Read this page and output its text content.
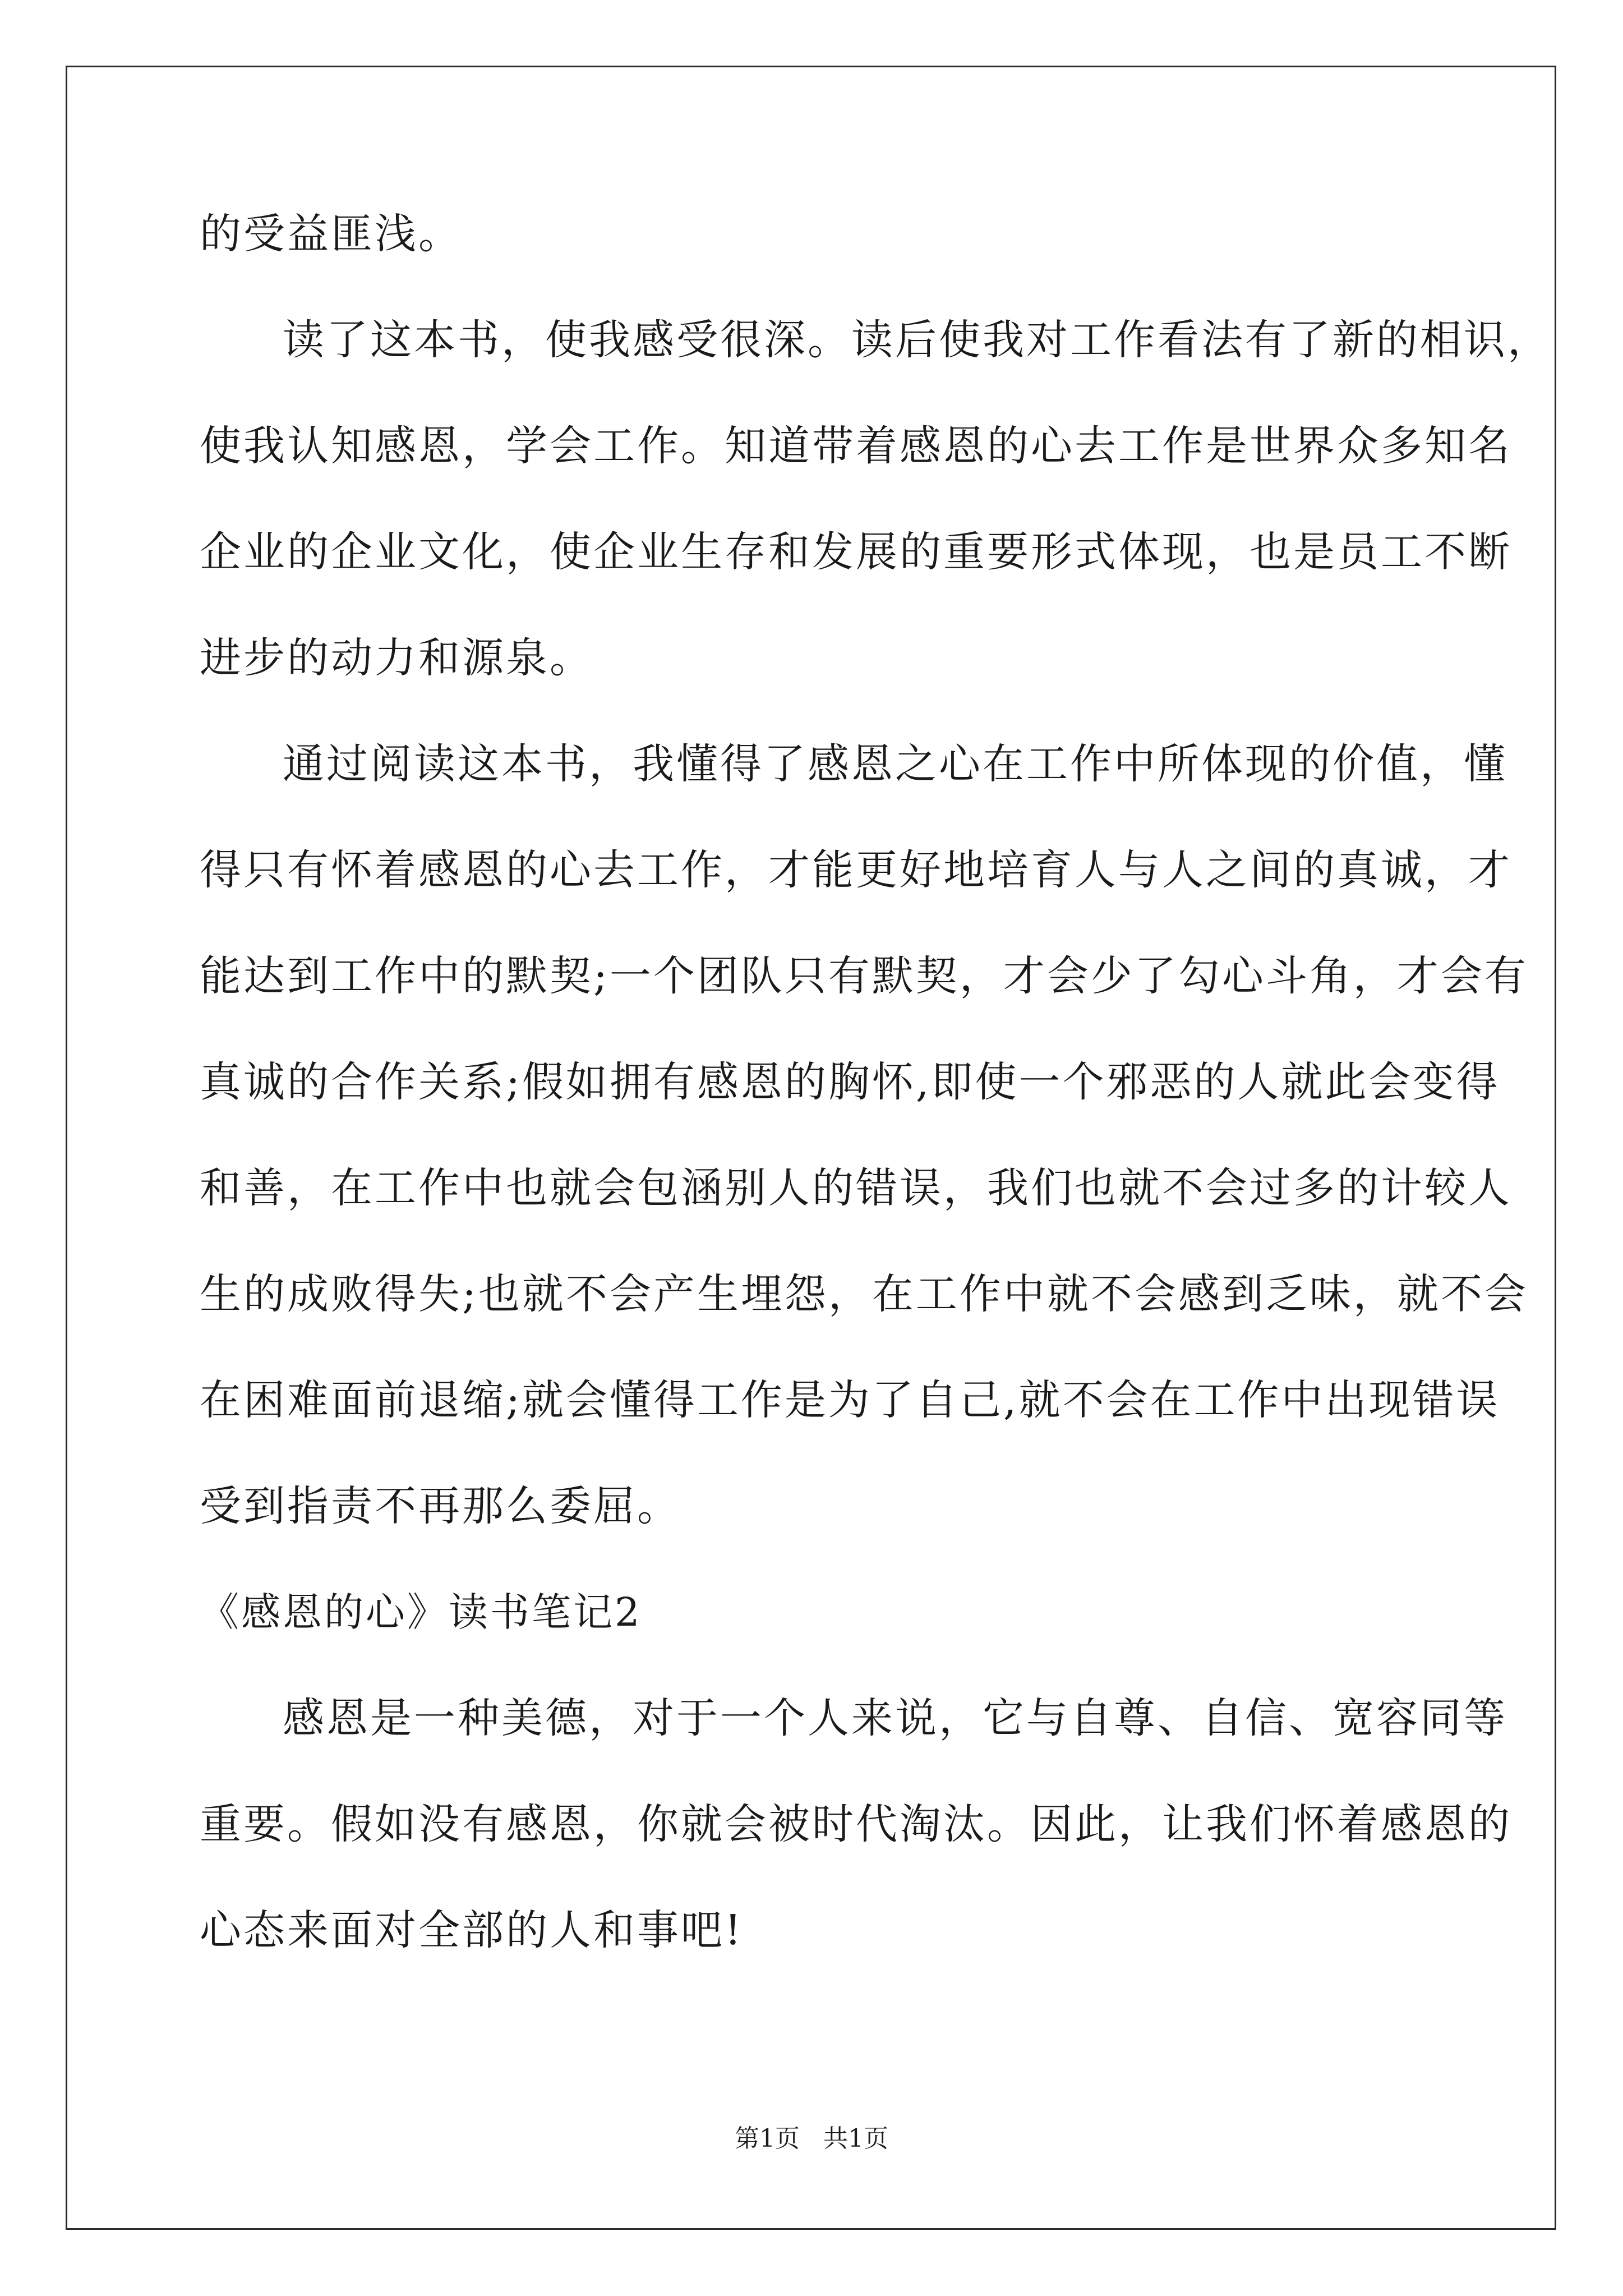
的受益匪浅。
读了这本书，使我感受很深。读后使我对工作看法有了新的相识，
使我认知感恩，学会工作。知道带着感恩的心去工作是世界众多知名
企业的企业文化，使企业生存和发展的重要形式体现，也是员工不断
进步的动力和源泉。
通过阅读这本书，我懂得了感恩之心在工作中所体现的价值，懂
得只有怀着感恩的心去工作，才能更好地培育人与人之间的真诚，才
能达到工作中的默契;一个团队只有默契，才会少了勾心斗角，才会有
真诚的合作关系;假如拥有感恩的胸怀,即使一个邪恶的人就此会变得
和善，在工作中也就会包涵别人的错误，我们也就不会过多的计较人
生的成败得失;也就不会产生埋怨，在工作中就不会感到乏味，就不会
在困难面前退缩;就会懂得工作是为了自己,就不会在工作中出现错误
受到指责不再那么委屈。
《感恩的心》读书笔记2
感恩是一种美德，对于一个人来说，它与自尊、自信、宽容同等
重要。假如没有感恩，你就会被时代淘汰。因此，让我们怀着感恩的
心态来面对全部的人和事吧!
第1页   共1页
